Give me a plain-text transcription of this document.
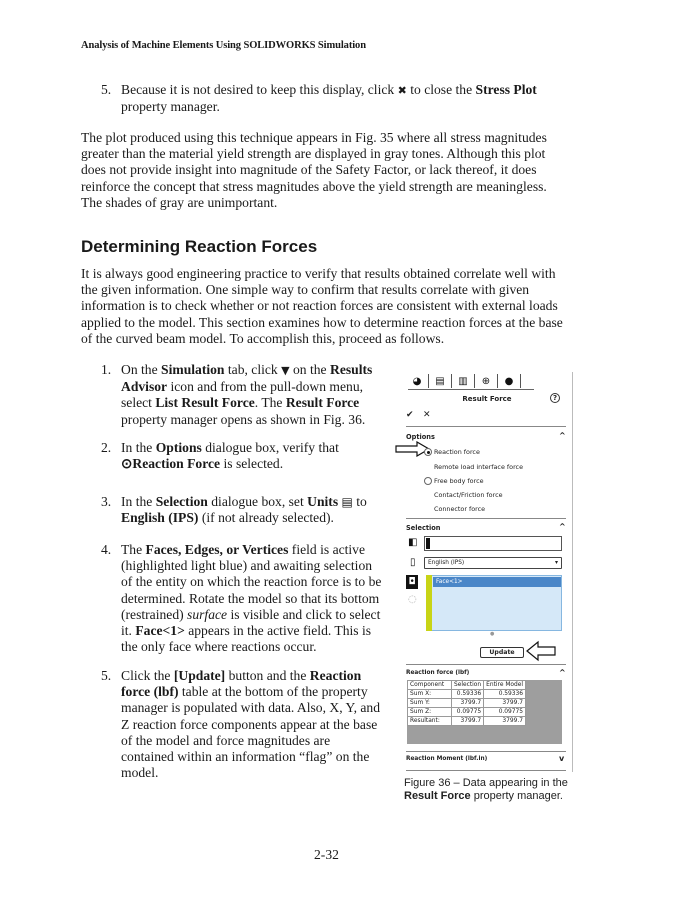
Analysis of Machine Elements Using SOLIDWORKS Simulation
5. Because it is not desired to keep this display, click ✖ to close the Stress Plot
property manager.
The plot produced using this technique appears in Fig. 35 where all stress magnitudes greater than the material yield strength are displayed in gray tones. Although this plot does not provide insight into magnitude of the Safety Factor, or lack thereof, it does reinforce the concept that stress magnitudes above the yield strength are meaningless. The shades of gray are unimportant.
Determining Reaction Forces
It is always good engineering practice to verify that results obtained correlate well with the given information. One simple way to confirm that results correlate with given information is to check whether or not reaction forces are consistent with external loads applied to the model. This section examines how to determine reaction forces at the base of the curved beam model. To accomplish this, proceed as follows.
1. On the Simulation tab, click ▼ on the Results Advisor icon and from the pull-down menu, select List Result Force. The Result Force property manager opens as shown in Fig. 36.
2. In the Options dialogue box, verify that
⊙Reaction Force is selected.
3. In the Selection dialogue box, set Units ▤ to
English (IPS) (if not already selected).
4. The Faces, Edges, or Vertices field is active (highlighted light blue) and awaiting selection of the entity on which the reaction force is to be determined. Rotate the model so that its bottom (restrained) surface is visible and click to select it. Face<1> appears in the active field. This is the only face where reactions occur.
5. Click the [Update] button and the Reaction force (lbf) table at the bottom of the property manager is populated with data. Also, X, Y, and Z reaction force components appear at the base of the model and force magnitudes are contained within an information “flag” on the model.
◕	▤	▥	⊕	●
Result Force	?
✔ ✕
Options	^
Reaction force
Remote load interface force
Free body force
Contact/Friction force
Connector force
Selection	^
◧
▯	English (IPS)	▾
◘
◌
Face<1>
●
Update
Reaction force (lbf)	^
Component	Selection	Entire Model
Sum X:	0.59336	0.59336
Sum Y:	3799.7	3799.7
Sum Z:	0.09775	0.09775
Resultant:	3799.7	3799.7
Reaction Moment (lbf.in)	v
Figure 36 – Data appearing in the Result Force property manager.
2-32
